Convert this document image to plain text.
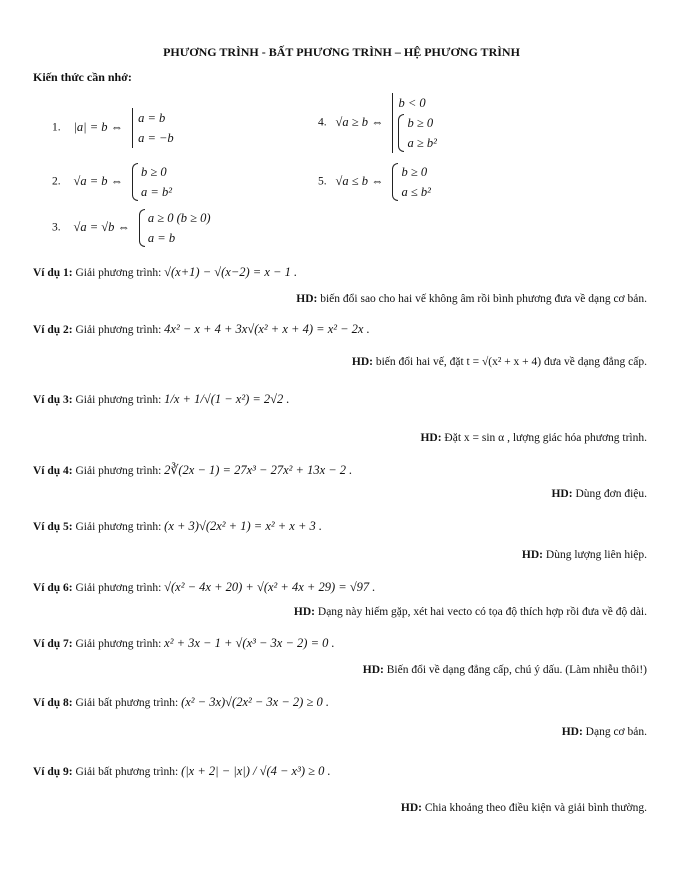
PHƯƠNG TRÌNH - BẤT PHƯƠNG TRÌNH – HỆ PHƯƠNG TRÌNH
Kiến thức cần nhớ:
1. |a| = b ⇔
a = b
a = −b
2. √a = b ⇔
b ≥ 0
a = b²
3. √a = √b ⇔
a ≥ 0 (b ≥ 0)
a = b
4. √a ≥ b ⇔
b < 0
b ≥ 0
a ≥ b²
5. √a ≤ b ⇔
b ≥ 0
a ≤ b²
Ví dụ 1: Giải phương trình: √(x+1) − √(x−2) = x − 1 .
HD: biến đổi sao cho hai vế không âm rồi bình phương đưa về dạng cơ bản.
Ví dụ 2: Giải phương trình: 4x² − x + 4 + 3x√(x² + x + 4) = x² − 2x .
HD: biến đổi hai vế, đặt t = √(x² + x + 4) đưa về dạng đẳng cấp.
Ví dụ 3: Giải phương trình: 1/x + 1/√(1 − x²) = 2√2 .
HD: Đặt x = sin α , lượng giác hóa phương trình.
Ví dụ 4: Giải phương trình: 2∛(2x − 1) = 27x³ − 27x² + 13x − 2 .
HD: Dùng đơn điệu.
Ví dụ 5: Giải phương trình: (x + 3)√(2x² + 1) = x² + x + 3 .
HD: Dùng lượng liên hiệp.
Ví dụ 6: Giải phương trình: √(x² − 4x + 20) + √(x² + 4x + 29) = √97 .
HD: Dạng này hiếm gặp, xét hai vecto có tọa độ thích hợp rồi đưa về độ dài.
Ví dụ 7: Giải phương trình: x² + 3x − 1 + √(x³ − 3x − 2) = 0 .
HD: Biến đổi về dạng đẳng cấp, chú ý dấu. (Làm nhiễu thôi!)
Ví dụ 8: Giải bất phương trình: (x² − 3x)√(2x² − 3x − 2) ≥ 0 .
HD: Dạng cơ bản.
Ví dụ 9: Giải bất phương trình: (|x + 2| − |x|) / √(4 − x³) ≥ 0 .
HD: Chia khoảng theo điều kiện và giải bình thường.
